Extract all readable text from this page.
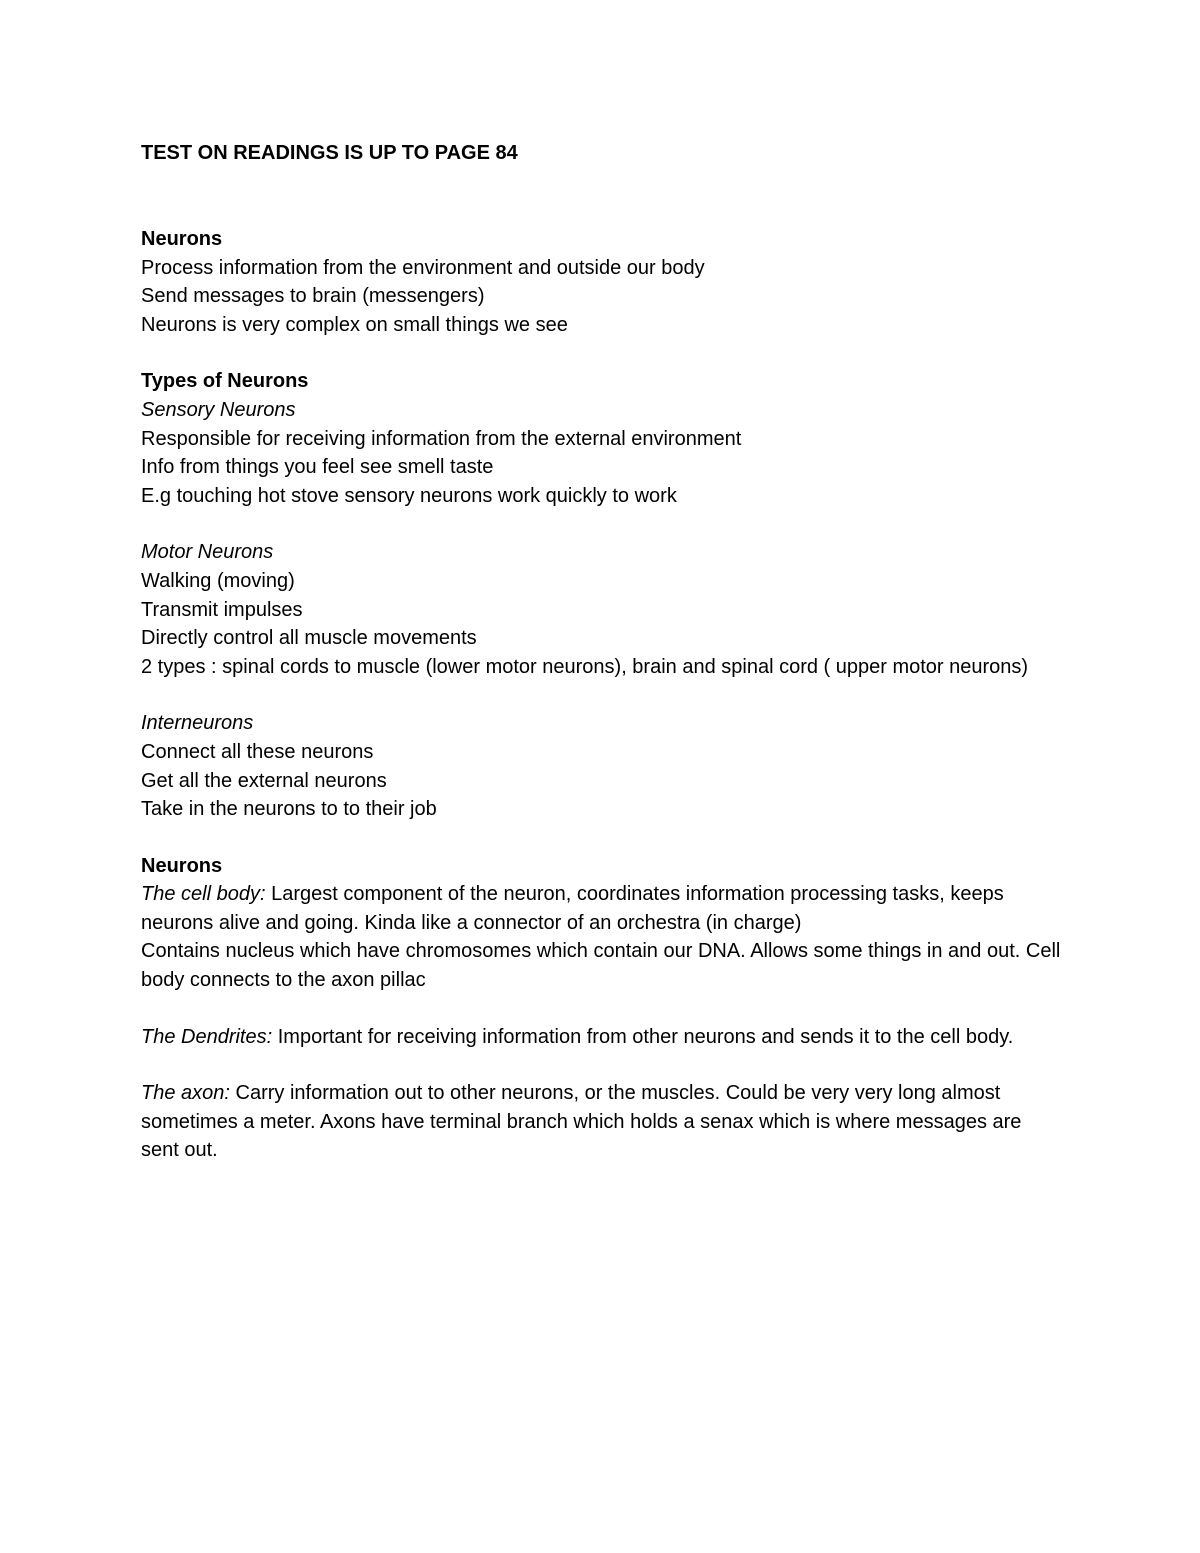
TEST ON READINGS IS UP TO PAGE 84

Neurons

Process information from the environment and outside our body

Send messages to brain (messengers)

Neurons is very complex on small things we see

Types of Neurons

Sensory Neurons

Responsible for receiving information from the external environment

Info from things you feel see smell taste

E.g touching hot stove sensory neurons work quickly to work

Motor Neurons

Walking (moving)

Transmit impulses

Directly control all muscle movements

2 types : spinal cords to muscle (lower motor neurons), brain and spinal cord ( upper motor neurons)

Interneurons

Connect all these neurons

Get all the external neurons

Take in the neurons to to their job

Neurons

The cell body: Largest component of the neuron, coordinates information processing tasks, keeps neurons alive and going. Kinda like a connector of an orchestra (in charge)

Contains nucleus which have chromosomes which contain our DNA. Allows some things in and out. Cell body connects to the axon pillac

The Dendrites: Important for receiving information from other neurons and sends it to the cell body.

The axon: Carry information out to other neurons, or the muscles. Could be very very long almost sometimes a meter. Axons have terminal branch which holds a senax which is where messages are sent out.
